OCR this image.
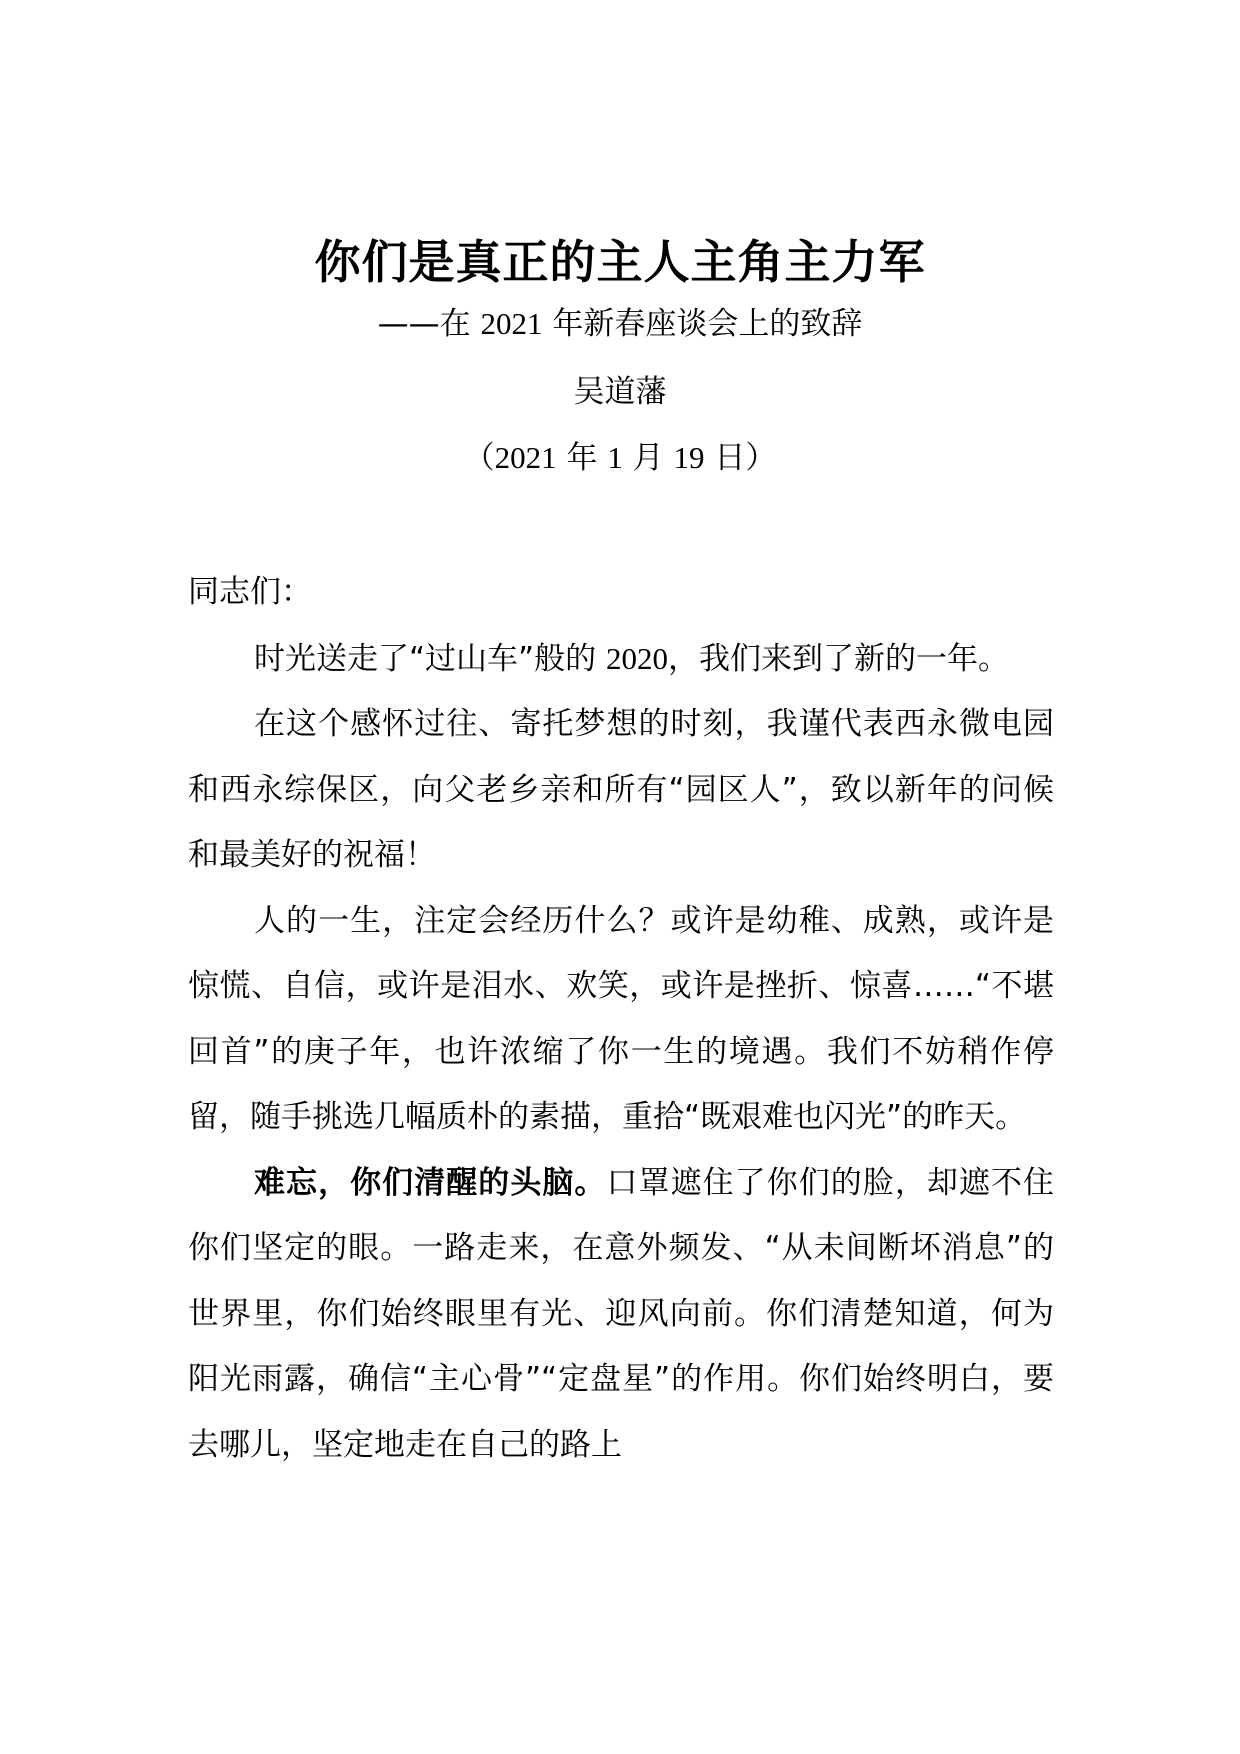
你们是真正的主人主角主力军
——在 2021 年新春座谈会上的致辞
吴道藩
（2021 年 1 月 19 日）

同志们：

时光送走了“过山车”般的 2020，我们来到了新的一年。

在这个感怀过往、寄托梦想的时刻，我谨代表西永微电园和西永综保区，向父老乡亲和所有“园区人”，致以新年的问候和最美好的祝福！

人的一生，注定会经历什么？或许是幼稚、成熟，或许是惊慌、自信，或许是泪水、欢笑，或许是挫折、惊喜……“不堪回首”的庚子年，也许浓缩了你一生的境遇。我们不妨稍作停留，随手挑选几幅质朴的素描，重拾“既艰难也闪光”的昨天。

难忘，你们清醒的头脑。口罩遮住了你们的脸，却遮不住你们坚定的眼。一路走来，在意外频发、“从未间断坏消息”的世界里，你们始终眼里有光、迎风向前。你们清楚知道，何为阳光雨露，确信“主心骨”“定盘星”的作用。你们始终明白，要去哪儿，坚定地走在自己的路上
